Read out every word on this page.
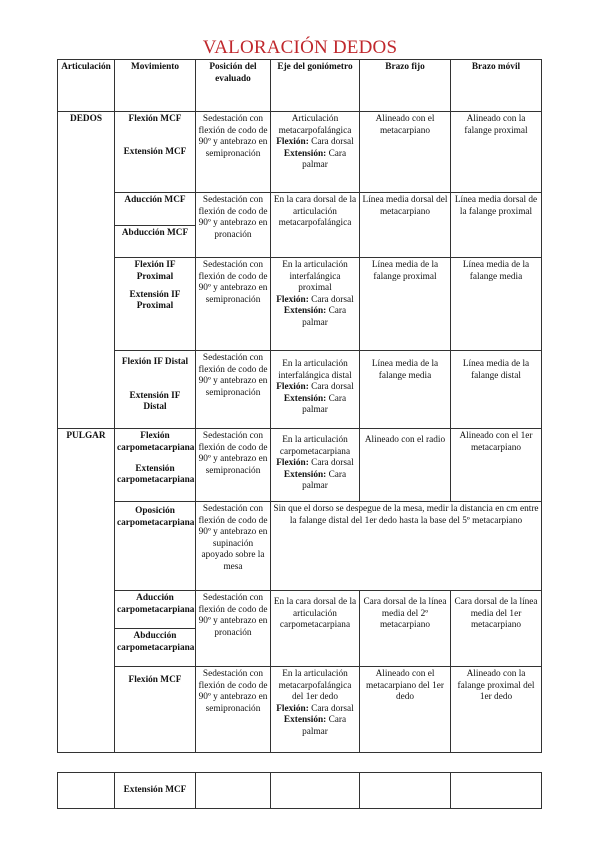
VALORACIÓN DEDOS
Articulación	Movimiento	Posición del evaluado	Eje del goniómetro	Brazo fijo	Brazo móvil
DEDOS	Flexión MCF	Sedestación con flexión de codo de 90º y antebrazo en semipronación	Articulación metacarpofalángica
Flexión: Cara dorsal
Extensión: Cara palmar	Alineado con el metacarpiano	Alineado con la falange proximal
	Extensión MCF				
	Aducción MCF	Sedestación con flexión de codo de 90º y antebrazo en pronación	En la cara dorsal de la articulación metacarpofalángica	Línea media dorsal del metacarpiano	Línea media dorsal de la falange proximal
	Abducción MCF				
	Flexión IF Proximal	Sedestación con flexión de codo de 90º y antebrazo en semipronación	En la articulación interfalángica proximal
Flexión: Cara dorsal
Extensión: Cara palmar	Línea media de la falange proximal	Línea media de la falange media
	Extensión IF Proximal				
	Flexión IF Distal	Sedestación con flexión de codo de 90º y antebrazo en semipronación	En la articulación interfalángica distal
Flexión: Cara dorsal
Extensión: Cara palmar	Línea media de la falange media	Línea media de la falange distal
	Extensión IF Distal				
PULGAR	Flexión carpometacarpiana	Sedestación con flexión de codo de 90º y antebrazo en semipronación	En la articulación carpometacarpiana
Flexión: Cara dorsal
Extensión: Cara palmar	Alineado con el radio	Alineado con el 1er metacarpiano
	Extensión carpometacarpiana				
	Oposición carpometacarpiana	Sedestación con flexión de codo de 90º y antebrazo en supinación apoyado sobre la mesa	Sin que el dorso se despegue de la mesa, medir la distancia en cm entre la falange distal del 1er dedo hasta la base del 5º metacarpiano		
	Aducción carpometacarpiana	Sedestación con flexión de codo de 90º y antebrazo en pronación	En la cara dorsal de la articulación carpometacarpiana	Cara dorsal de la línea media del 2º metacarpiano	Cara dorsal de la línea media del 1er metacarpiano
	Abducción carpometacarpiana				
	Flexión MCF	Sedestación con flexión de codo de 90º y antebrazo en semipronación	En la articulación metacarpofalángica del 1er dedo
Flexión: Cara dorsal
Extensión: Cara palmar	Alineado con el metacarpiano del 1er dedo	Alineado con la falange proximal del 1er dedo
	Extensión MCF				
